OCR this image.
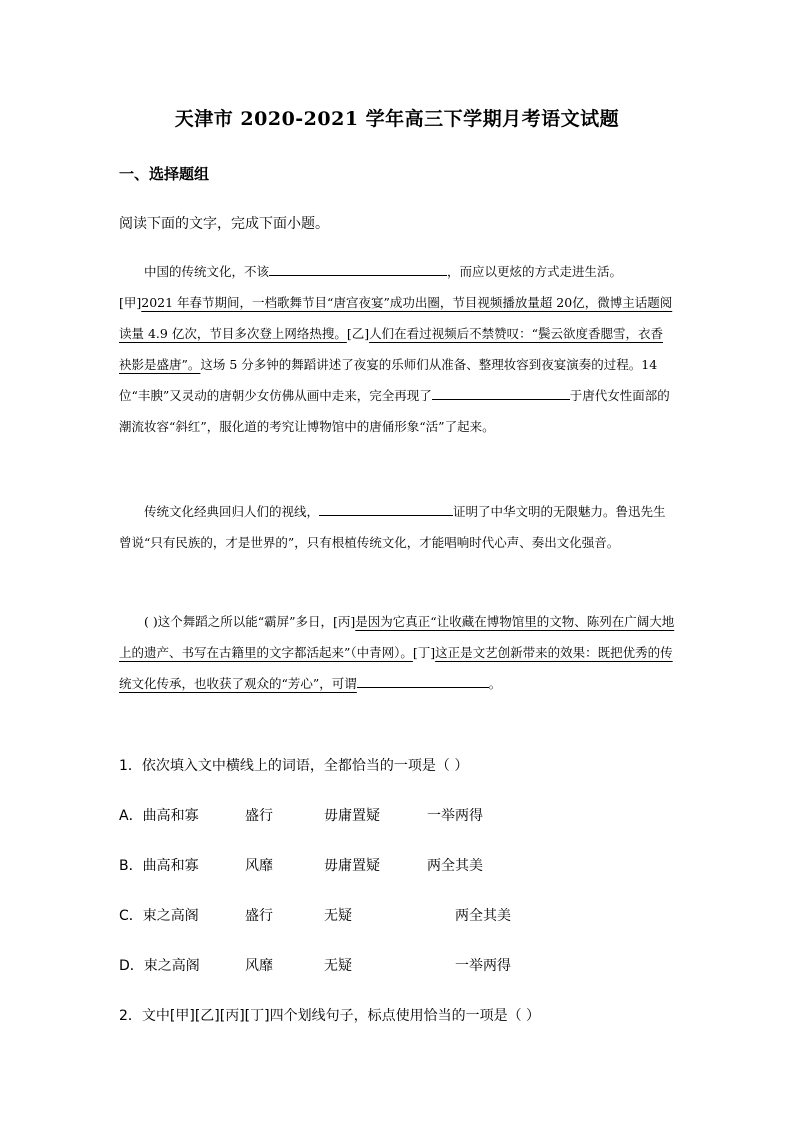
天津市 2020-2021 学年高三下学期月考语文试题
一、选择题组
阅读下面的文字，完成下面小题。

中国的传统文化，不该	，而应以更炫的方式走进生活。[甲]2021 年春节期间，一档歌舞节目“唐宫夜宴”成功出圈，节目视频播放量超 20亿，微博主话题阅读量 4.9 亿次，节目多次登上网络热搜。[乙]人们在看过视频后不禁赞叹：“鬓云欲度香腮雪，衣香袂影是盛唐”。这场 5 分多钟的舞蹈讲述了夜宴的乐师们从准备、整理妆容到夜宴演奏的过程。14 位“丰腴”又灵动的唐朝少女仿佛从画中走来，完全再现了	于唐代女性面部的潮流妆容“斜红”，服化道的考究让博物馆中的唐俑形象“活”了起来。

传统文化经典回归人们的视线，	证明了中华文明的无限魅力。鲁迅先生曾说“只有民族的，才是世界的”，只有根植传统文化，才能唱响时代心声、奏出文化强音。

( )这个舞蹈之所以能“霸屏”多日，[丙]是因为它真正“让收藏在博物馆里的文物、陈列在广阔大地上的遗产、书写在古籍里的文字都活起来”（中青网）。[丁]这正是文艺创新带来的效果：既把优秀的传统文化传承，也收获了观众的“芳心”，可谓	。

1．依次填入文中横线上的词语，全都恰当的一项是（ ）
A．曲高和寡	盛行	毋庸置疑	一举两得
B．曲高和寡	风靡	毋庸置疑	两全其美
C．束之高阁	盛行	无疑	两全其美
D．束之高阁	风靡	无疑	一举两得
2．文中[甲][乙][丙][丁]四个划线句子，标点使用恰当的一项是（ ）
